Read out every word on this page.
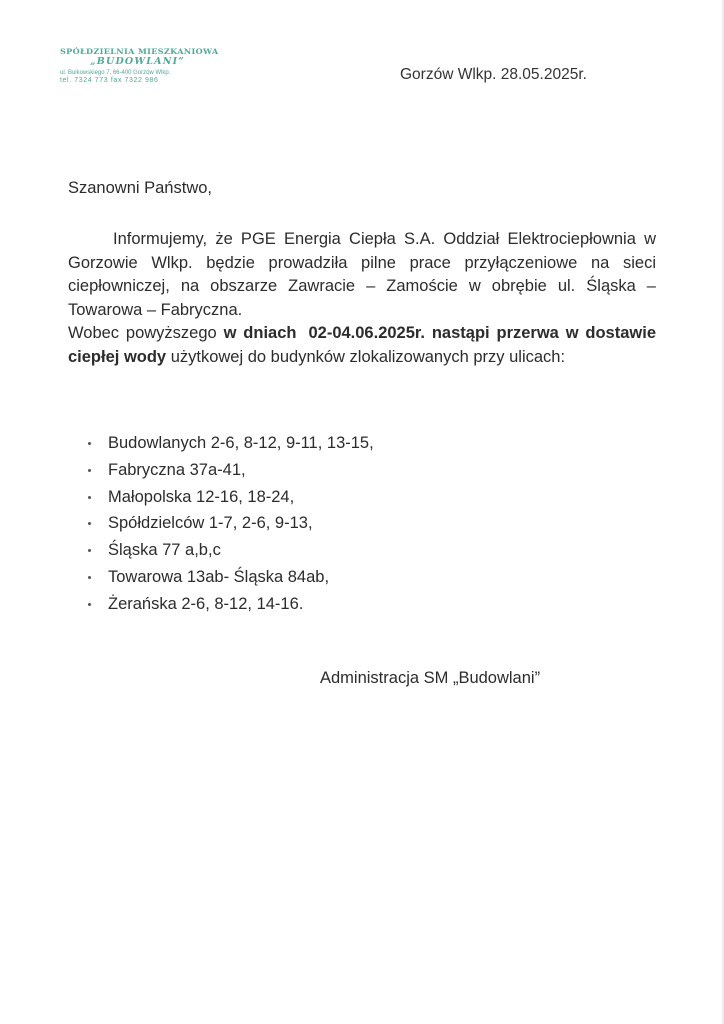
SPÓŁDZIELNIA MIESZKANIOWA
„BUDOWLANI”
ul. Bulkowskiego 7, 66-400 Gorzów Wlkp.
tel. 7324 773 fax 7322 986	Gorzów Wlkp. 28.05.2025r.
Szanowni Państwo,
Informujemy, że PGE Energia Ciepła S.A. Oddział Elektrociepłownia w Gorzowie Wlkp. będzie prowadziła pilne prace przyłączeniowe na sieci ciepłowniczej, na obszarze Zawracie – Zamoście w obrębie ul. Śląska – Towarowa – Fabryczna.
Wobec powyższego w dniach 02-04.06.2025r. nastąpi przerwa w dostawie ciepłej wody użytkowej do budynków zlokalizowanych przy ulicach:
Budowlanych 2-6, 8-12, 9-11, 13-15,
Fabryczna 37a-41,
Małopolska 12-16, 18-24,
Spółdzielców 1-7, 2-6, 9-13,
Śląska 77 a,b,c
Towarowa 13ab- Śląska 84ab,
Żerańska 2-6, 8-12, 14-16.
Administracja SM „Budowlani”
